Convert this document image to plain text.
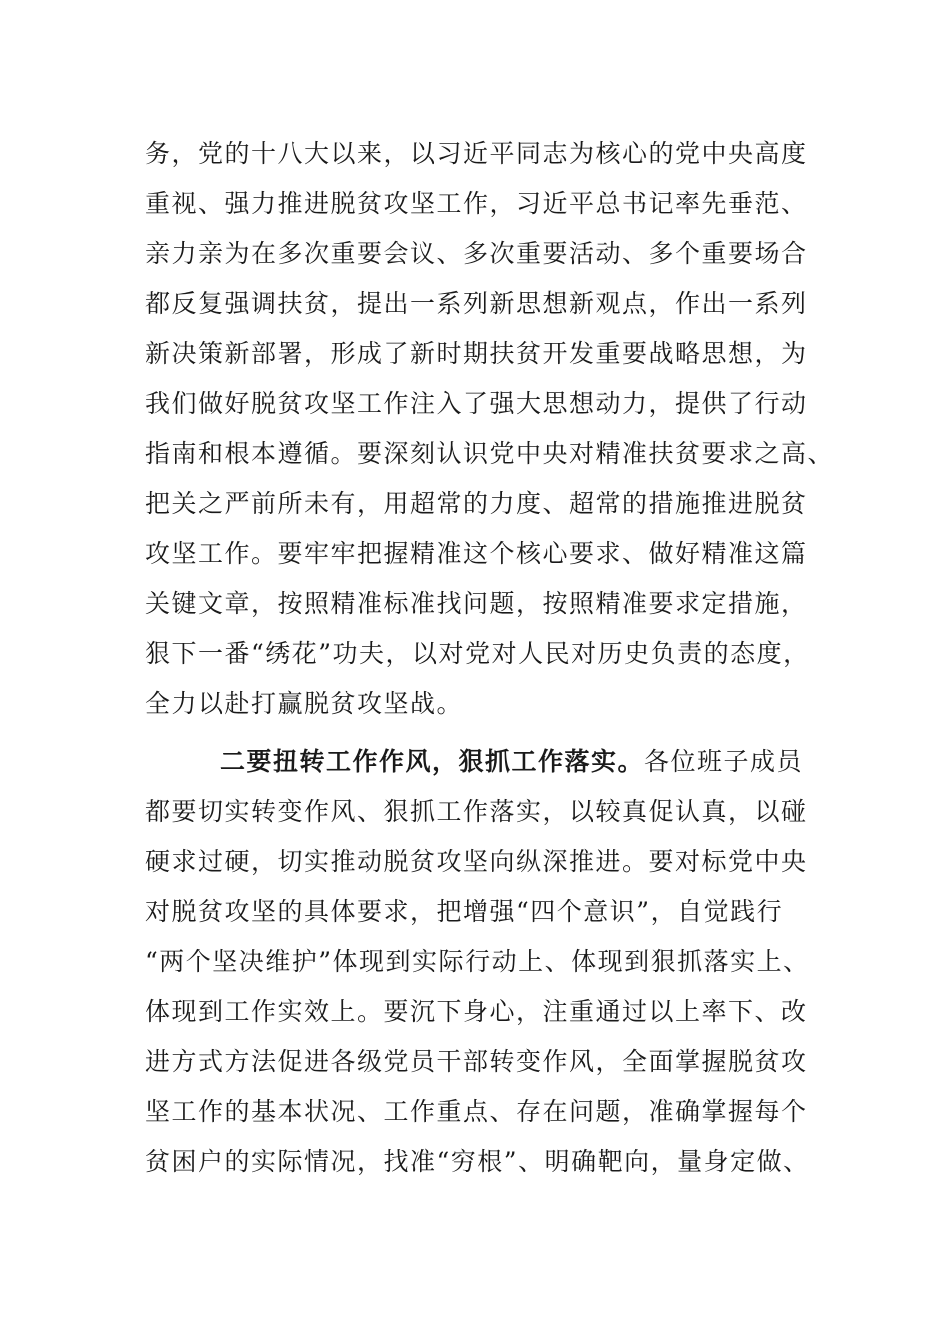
务，党的十八大以来，以习近平同志为核心的党中央高度
重视、强力推进脱贫攻坚工作，习近平总书记率先垂范、
亲力亲为在多次重要会议、多次重要活动、多个重要场合
都反复强调扶贫，提出一系列新思想新观点，作出一系列
新决策新部署，形成了新时期扶贫开发重要战略思想，为
我们做好脱贫攻坚工作注入了强大思想动力，提供了行动
指南和根本遵循。要深刻认识党中央对精准扶贫要求之高、
把关之严前所未有，用超常的力度、超常的措施推进脱贫
攻坚工作。要牢牢把握精准这个核心要求、做好精准这篇
关键文章，按照精准标准找问题，按照精准要求定措施，
狠下一番“绣花”功夫，以对党对人民对历史负责的态度，
全力以赴打赢脱贫攻坚战。
二要扭转工作作风，狠抓工作落实。各位班子成员
都要切实转变作风、狠抓工作落实，以较真促认真，以碰
硬求过硬，切实推动脱贫攻坚向纵深推进。要对标党中央
对脱贫攻坚的具体要求，把增强“四个意识”，自觉践行
“两个坚决维护”体现到实际行动上、体现到狠抓落实上、
体现到工作实效上。要沉下身心，注重通过以上率下、改
进方式方法促进各级党员干部转变作风，全面掌握脱贫攻
坚工作的基本状况、工作重点、存在问题，准确掌握每个
贫困户的实际情况，找准“穷根”、明确靶向，量身定做、
